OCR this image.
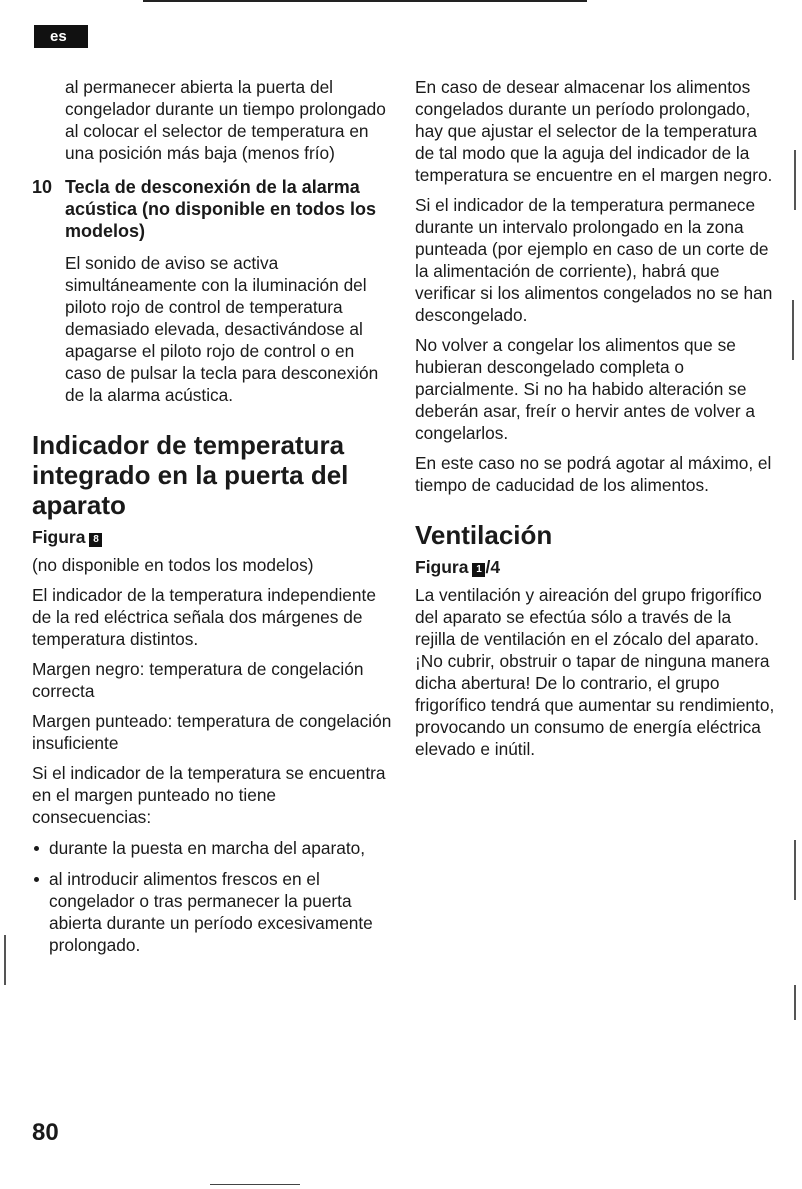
es

al permanecer abierta la puerta del congelador durante un tiempo prolongado

al colocar el selector de temperatura en una posición más baja (menos frío)

10 Tecla de desconexión de la alarma acústica (no disponible en todos los modelos)

El sonido de aviso se activa simultáneamente con la iluminación del piloto rojo de control de temperatura demasiado elevada, desactivándose al apagarse el piloto rojo de control o en caso de pulsar la tecla para desconexión de la alarma acústica.

Indicador de temperatura integrado en la puerta del aparato
Figura 8

(no disponible en todos los modelos)

El indicador de la temperatura independiente de la red eléctrica señala dos márgenes de temperatura distintos.

Margen negro: temperatura de congelación correcta

Margen punteado: temperatura de congelación insuficiente

Si el indicador de la temperatura se encuentra en el margen punteado no tiene consecuencias:

durante la puesta en marcha del aparato,
al introducir alimentos frescos en el congelador o tras permanecer la puerta abierta durante un período excesivamente prolongado.

En caso de desear almacenar los alimentos congelados durante un período prolongado, hay que ajustar el selector de la temperatura de tal modo que la aguja del indicador de la temperatura se encuentre en el margen negro.

Si el indicador de la temperatura permanece durante un intervalo prolongado en la zona punteada (por ejemplo en caso de un corte de la alimentación de corriente), habrá que verificar si los alimentos congelados no se han descongelado.

No volver a congelar los alimentos que se hubieran descongelado completa o parcialmente. Si no ha habido alteración se deberán asar, freír o hervir antes de volver a congelarlos.

En este caso no se podrá agotar al máximo, el tiempo de caducidad de los alimentos.

Ventilación
Figura 1 /4

La ventilación y aireación del grupo frigorífico del aparato se efectúa sólo a través de la rejilla de ventilación en el zócalo del aparato. ¡No cubrir, obstruir o tapar de ninguna manera dicha abertura! De lo contrario, el grupo frigorífico tendrá que aumentar su rendimiento, provocando un consumo de energía eléctrica elevado e inútil.

80
